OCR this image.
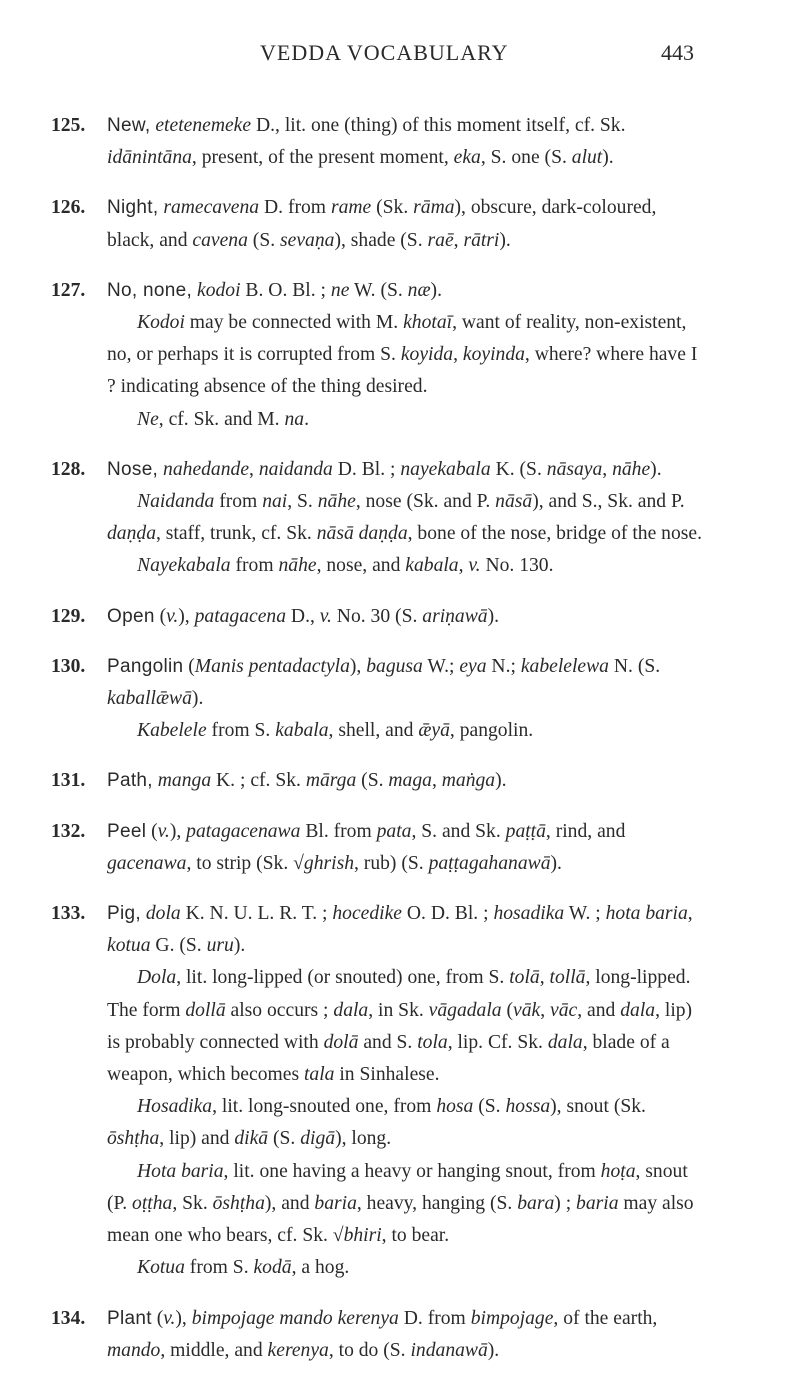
VEDDA VOCABULARY	443
125. New, etetenemeke D., lit. one (thing) of this moment itself, cf. Sk. idānintāna, present, of the present moment, eka, S. one (S. alut).

126. Night, ramecavena D. from rame (Sk. rāma), obscure, dark-coloured, black, and cavena (S. sevaṇa), shade (S. raē, rātri).

127. No, none, kodoi B. O. Bl. ; ne W. (S. næ).

Kodoi may be connected with M. khotaī, want of reality, non-existent, no, or perhaps it is corrupted from S. koyida, koyinda, where? where have I ? indicating absence of the thing desired.

Ne, cf. Sk. and M. na.

128. Nose, nahedande, naidanda D. Bl. ; nayekabala K. (S. nāsaya, nāhe).

Naidanda from nai, S. nāhe, nose (Sk. and P. nāsā), and S., Sk. and P. daṇḍa, staff, trunk, cf. Sk. nāsā daṇḍa, bone of the nose, bridge of the nose.

Nayekabala from nāhe, nose, and kabala, v. No. 130.

129. Open (v.), patagacena D., v. No. 30 (S. ariṇawā).

130. Pangolin (Manis pentadactyla), bagusa W.; eya N.; kabelelewa N. (S. kaballǣwā).

Kabelele from S. kabala, shell, and ǣyā, pangolin.

131. Path, manga K. ; cf. Sk. mārga (S. maga, maṅga).

132. Peel (v.), patagacenawa Bl. from pata, S. and Sk. paṭṭā, rind, and gacenawa, to strip (Sk. √ghrish, rub) (S. paṭṭagahanawā).

133. Pig, dola K. N. U. L. R. T. ; hocedike O. D. Bl. ; hosadika W. ; hota baria, kotua G. (S. uru).

Dola, lit. long-lipped (or snouted) one, from S. tolā, tollā, long-lipped. The form dollā also occurs ; dala, in Sk. vāgadala (vāk, vāc, and dala, lip) is probably connected with dolā and S. tola, lip. Cf. Sk. dala, blade of a weapon, which becomes tala in Sinhalese.

Hosadika, lit. long-snouted one, from hosa (S. hossa), snout (Sk. ōshṭha, lip) and dikā (S. digā), long.

Hota baria, lit. one having a heavy or hanging snout, from hoṭa, snout (P. oṭṭha, Sk. ōshṭha), and baria, heavy, hanging (S. bara) ; baria may also mean one who bears, cf. Sk. √bhiri, to bear.

Kotua from S. kodā, a hog.

134. Plant (v.), bimpojage mando kerenya D. from bimpojage, of the earth, mando, middle, and kerenya, to do (S. indanawā).
